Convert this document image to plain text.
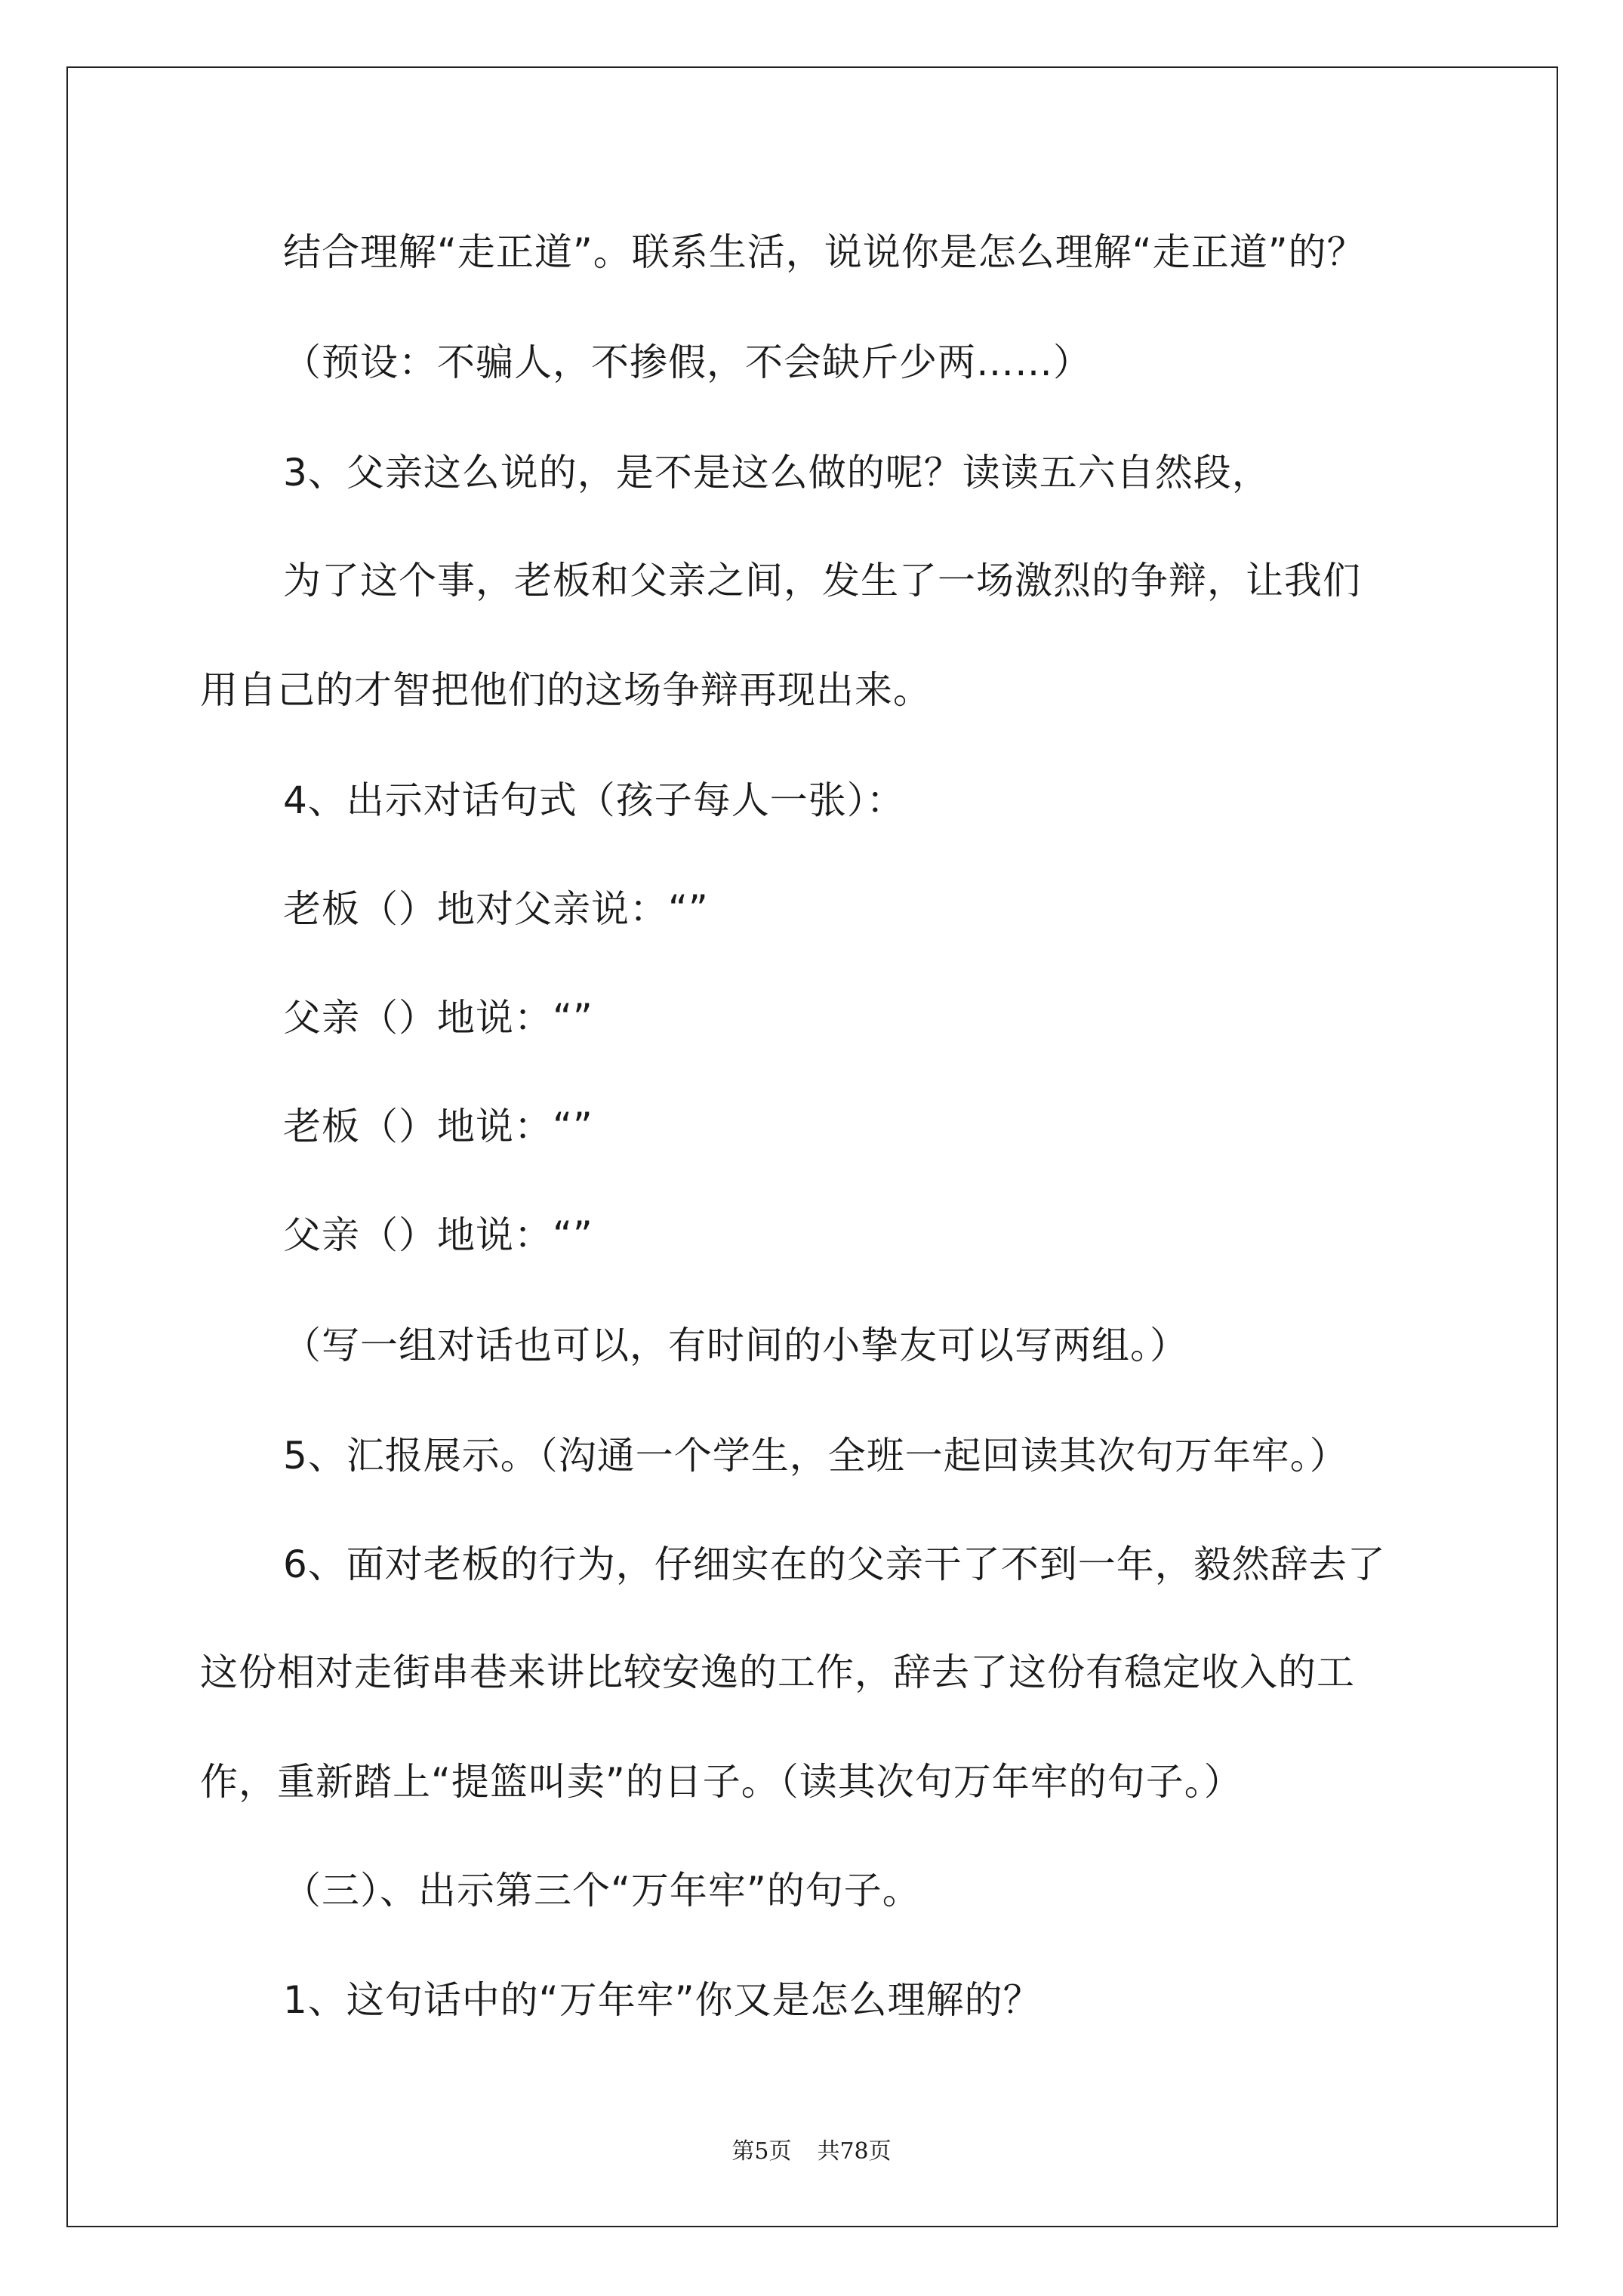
结合理解“走正道”。联系生活，说说你是怎么理解“走正道”的？
（预设：不骗人，不掺假，不会缺斤少两……）
3、父亲这么说的，是不是这么做的呢？读读五六自然段，
为了这个事，老板和父亲之间，发生了一场激烈的争辩，让我们
用自己的才智把他们的这场争辩再现出来。
4、出示对话句式（孩子每人一张）：
老板（）地对父亲说：“”
父亲（）地说：“”
老板（）地说：“”
父亲（）地说：“”
（写一组对话也可以，有时间的小挚友可以写两组。）
5、汇报展示。（沟通一个学生，全班一起回读其次句万年牢。）
6、面对老板的行为，仔细实在的父亲干了不到一年，毅然辞去了
这份相对走街串巷来讲比较安逸的工作，辞去了这份有稳定收入的工
作，重新踏上“提篮叫卖”的日子。（读其次句万年牢的句子。）
（三）、出示第三个“万年牢”的句子。
1、这句话中的“万年牢”你又是怎么理解的？
第5页 共78页
